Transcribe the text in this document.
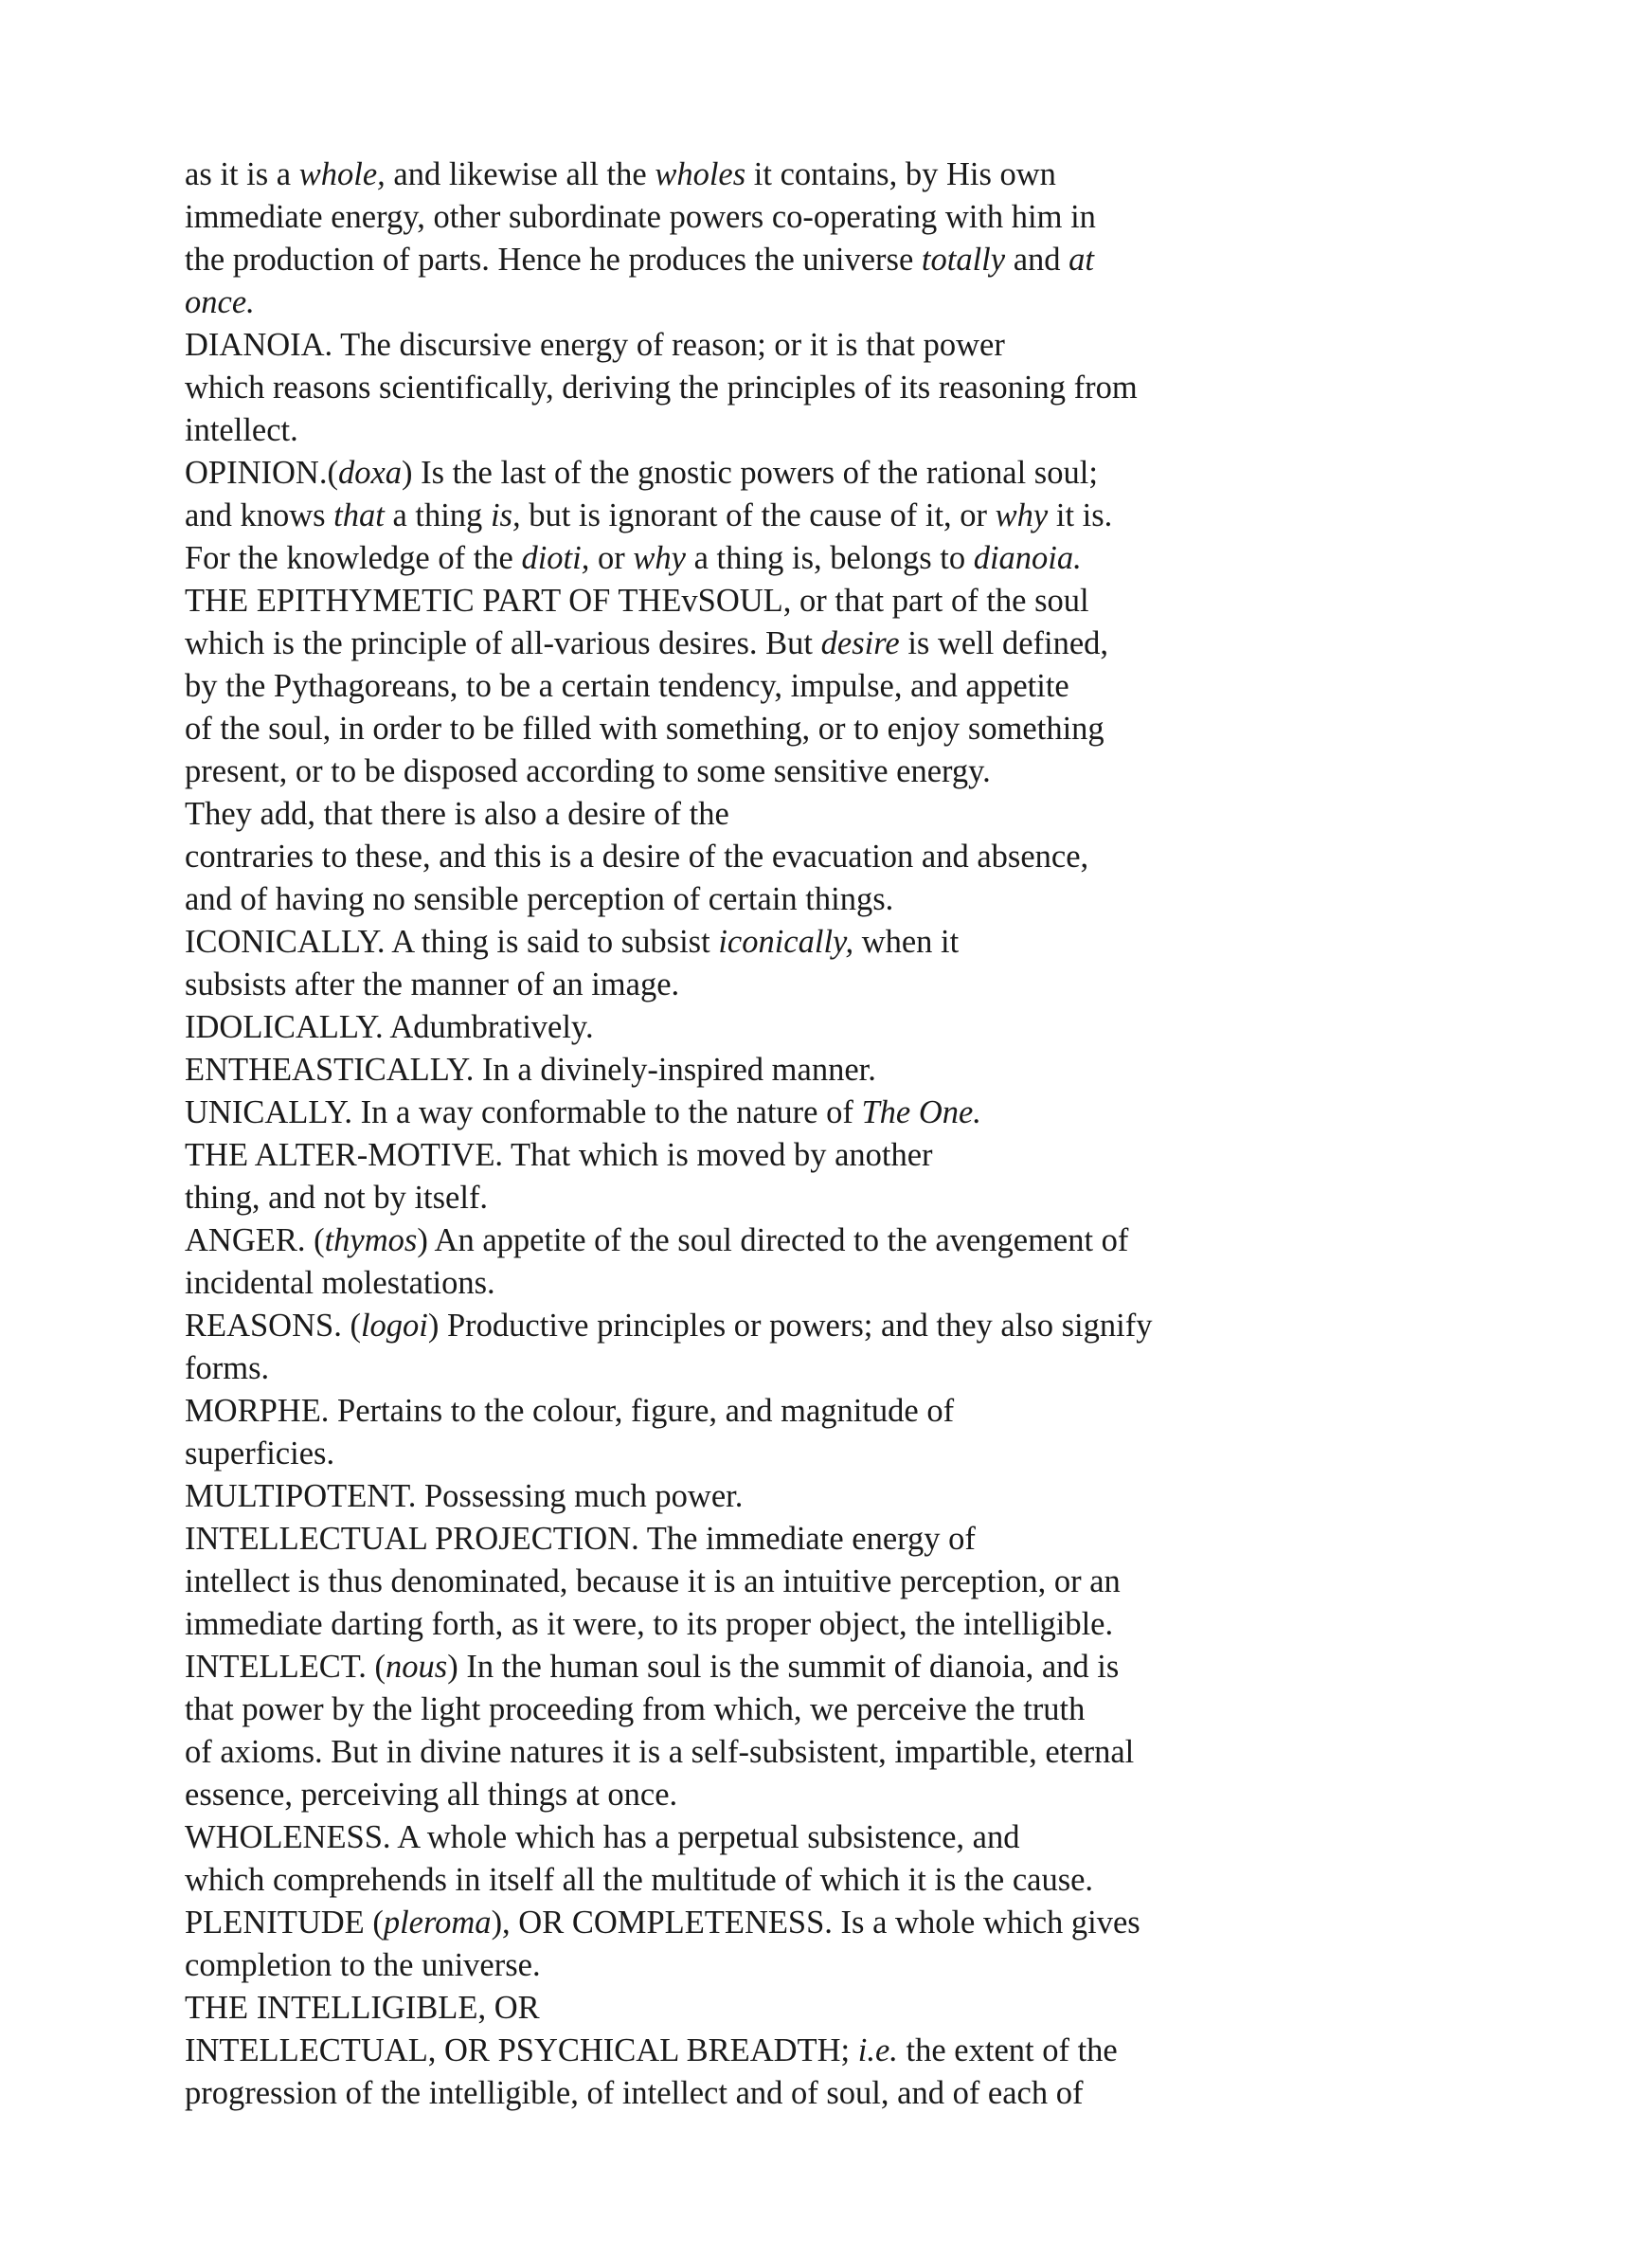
as it is a whole, and likewise all the wholes it contains, by His own
immediate energy, other subordinate powers co-operating with him in
the production of parts. Hence he produces the universe totally and at
once.
DIANOIA. The discursive energy of reason; or it is that power
which reasons scientifically, deriving the principles of its reasoning from
intellect.
OPINION.(doxa) Is the last of the gnostic powers of the rational soul;
and knows that a thing is, but is ignorant of the cause of it, or why it is.
For the knowledge of the dioti, or why a thing is, belongs to dianoia.
THE EPITHYMETIC PART OF THEvSOUL, or that part of the soul
which is the principle of all-various desires. But desire is well defined,
by the Pythagoreans, to be a certain tendency, impulse, and appetite
of the soul, in order to be filled with something, or to enjoy something
present, or to be disposed according to some sensitive energy.
They add, that there is also a desire of the
contraries to these, and this is a desire of the evacuation and absence,
and of having no sensible perception of certain things.
ICONICALLY. A thing is said to subsist iconically, when it
subsists after the manner of an image.
IDOLICALLY. Adumbratively.
ENTHEASTICALLY. In a divinely-inspired manner.
UNICALLY. In a way conformable to the nature of The One.
THE ALTER-MOTIVE. That which is moved by another
thing, and not by itself.
ANGER. (thymos) An appetite of the soul directed to the avengement of
incidental molestations.
REASONS. (logoi) Productive principles or powers; and they also signify
forms.
MORPHE. Pertains to the colour, figure, and magnitude of
superficies.
MULTIPOTENT. Possessing much power.
INTELLECTUAL PROJECTION. The immediate energy of
intellect is thus denominated, because it is an intuitive perception, or an
immediate darting forth, as it were, to its proper object, the intelligible.
INTELLECT. (nous) In the human soul is the summit of dianoia, and is
that power by the light proceeding from which, we perceive the truth
of axioms. But in divine natures it is a self-subsistent, impartible, eternal
essence, perceiving all things at once.
WHOLENESS. A whole which has a perpetual subsistence, and
which comprehends in itself all the multitude of which it is the cause.
PLENITUDE (pleroma), OR COMPLETENESS. Is a whole which gives
completion to the universe.
THE INTELLIGIBLE, OR
INTELLECTUAL, OR PSYCHICAL BREADTH; i.e. the extent of the
progression of the intelligible, of intellect and of soul, and of each of
